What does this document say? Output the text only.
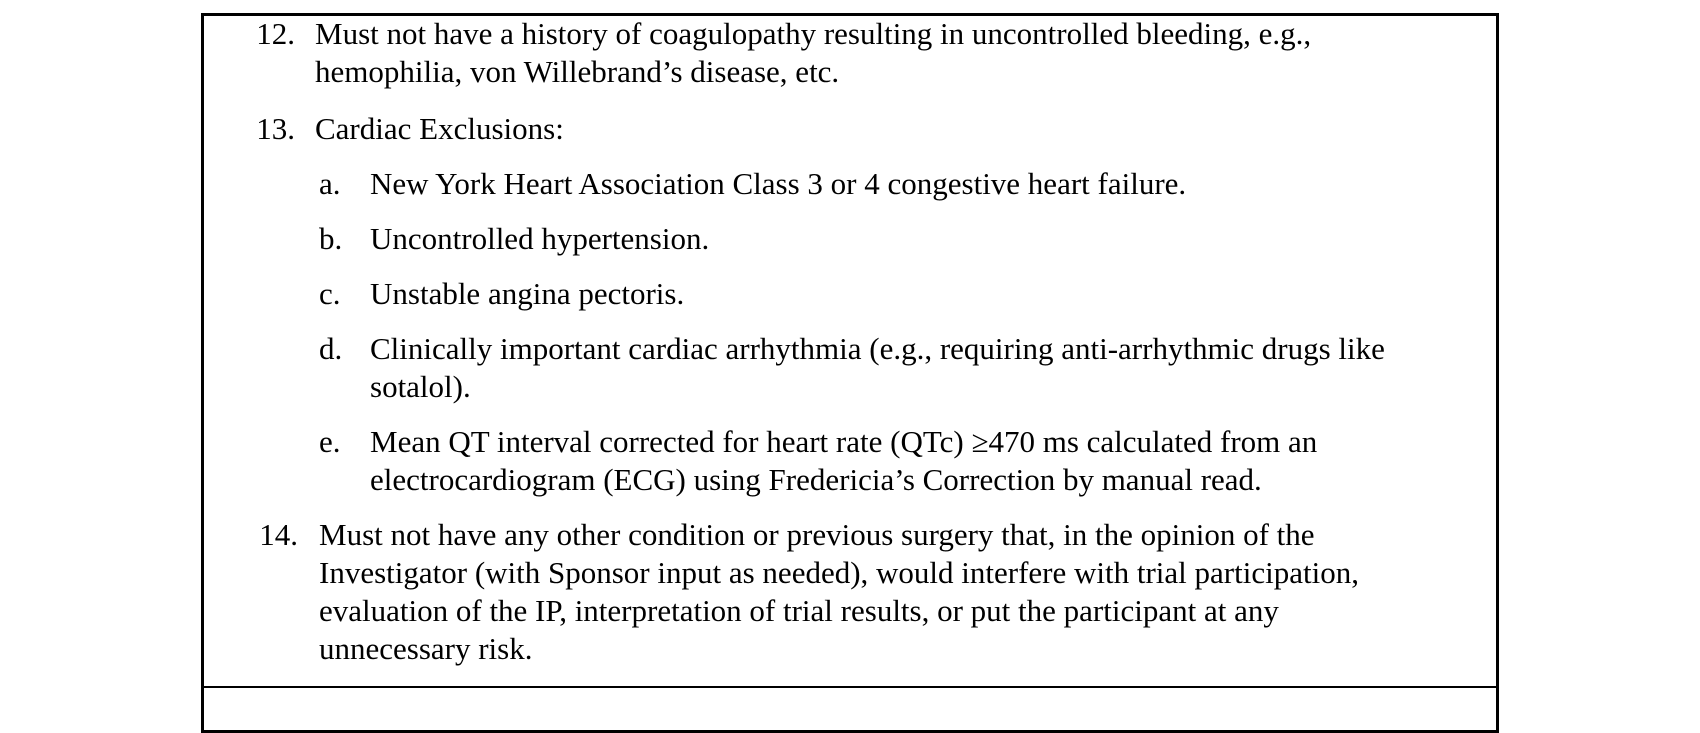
12. Must not have a history of coagulopathy resulting in uncontrolled bleeding, e.g.,
hemophilia, von Willebrand’s disease, etc.
13. Cardiac Exclusions:
a. New York Heart Association Class 3 or 4 congestive heart failure.
b. Uncontrolled hypertension.
c. Unstable angina pectoris.
d. Clinically important cardiac arrhythmia (e.g., requiring anti-arrhythmic drugs like
sotalol).
e. Mean QT interval corrected for heart rate (QTc) ≥470 ms calculated from an
electrocardiogram (ECG) using Fredericia’s Correction by manual read.
14. Must not have any other condition or previous surgery that, in the opinion of the
Investigator (with Sponsor input as needed), would interfere with trial participation,
evaluation of the IP, interpretation of trial results, or put the participant at any
unnecessary risk.
